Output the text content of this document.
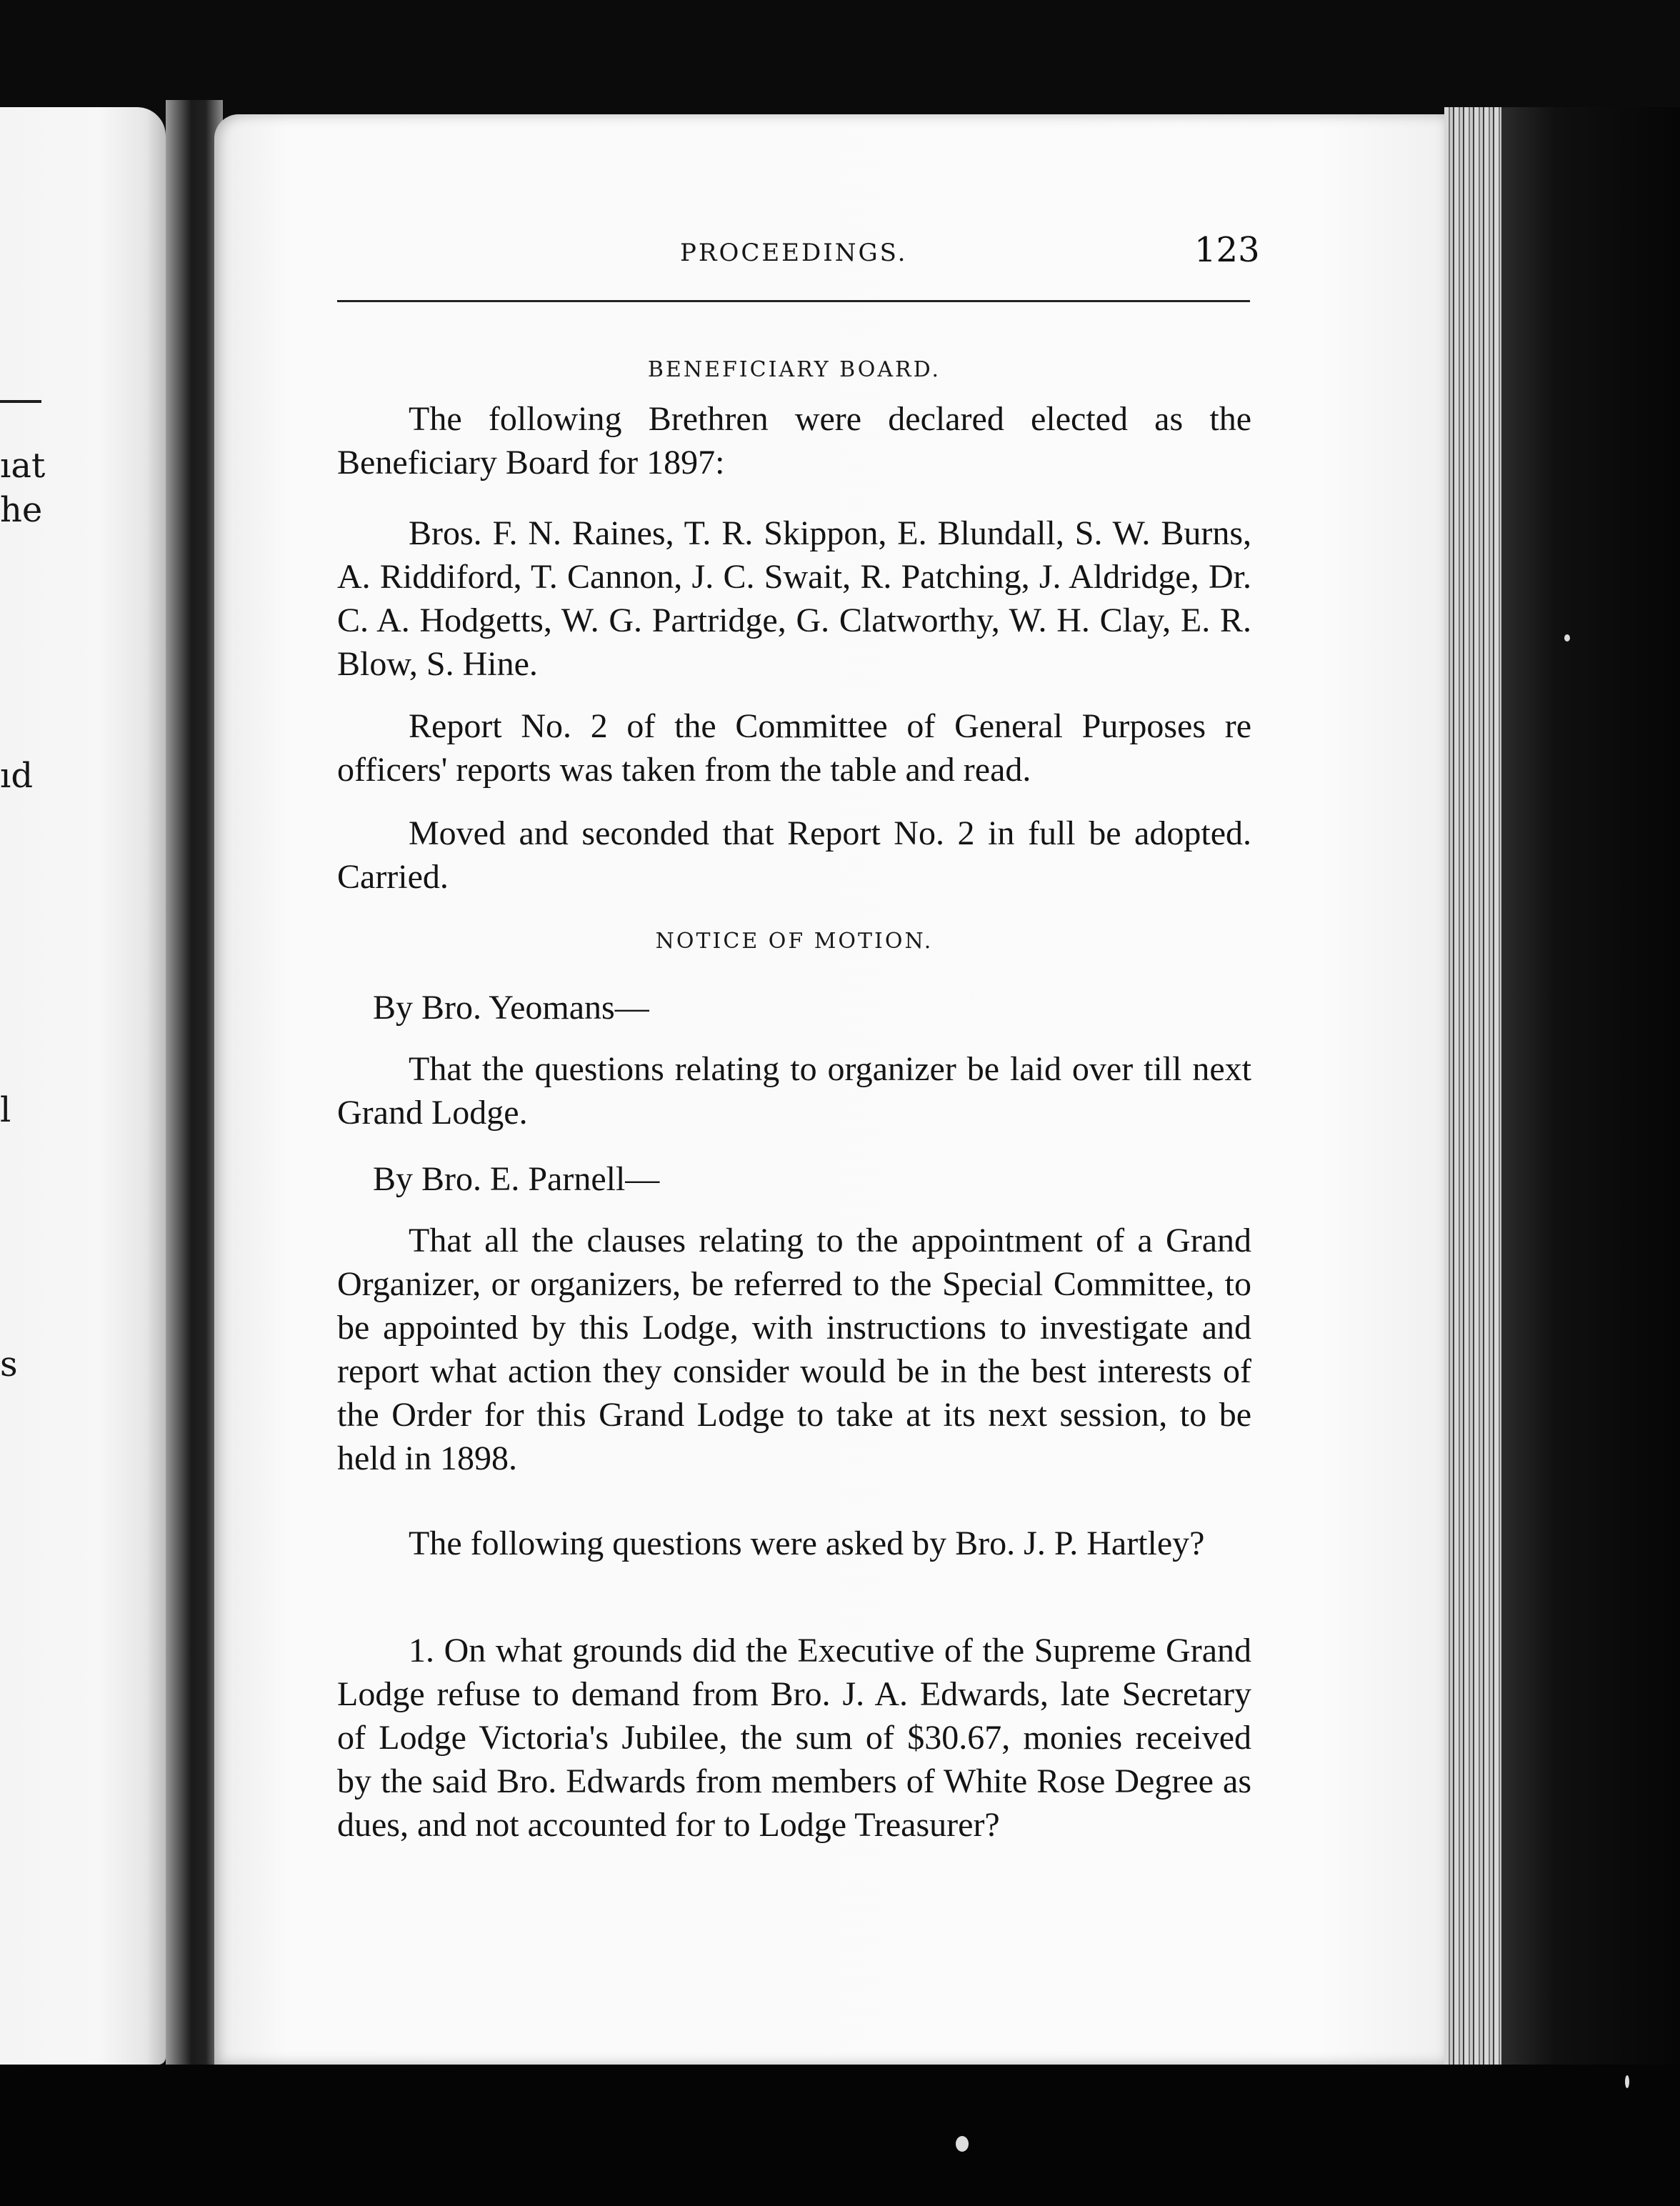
ıat
he
ıd
l
s
PROCEEDINGS.	123
BENEFICIARY BOARD.

The following Brethren were declared elected as the Beneficiary Board for 1897:

Bros. F. N. Raines, T. R. Skippon, E. Blundall, S. W. Burns, A. Riddiford, T. Cannon, J. C. Swait, R. Patching, J. Aldridge, Dr. C. A. Hodgetts, W. G. Partridge, G. Clatworthy, W. H. Clay, E. R. Blow, S. Hine.

Report No. 2 of the Committee of General Purposes re officers' reports was taken from the table and read.

Moved and seconded that Report No. 2 in full be adopted. Carried.

NOTICE OF MOTION.

By Bro. Yeomans—

That the questions relating to organizer be laid over till next Grand Lodge.

By Bro. E. Parnell—

That all the clauses relating to the appointment of a Grand Organizer, or organizers, be referred to the Special Committee, to be appointed by this Lodge, with instructions to investigate and report what action they consider would be in the best interests of the Order for this Grand Lodge to take at its next session, to be held in 1898.

The following questions were asked by Bro. J. P. Hartley?

1. On what grounds did the Executive of the Supreme Grand Lodge refuse to demand from Bro. J. A. Edwards, late Secretary of Lodge Victoria's Jubilee, the sum of $30.67, monies received by the said Bro. Edwards from members of White Rose Degree as dues, and not accounted for to Lodge Treasurer?
